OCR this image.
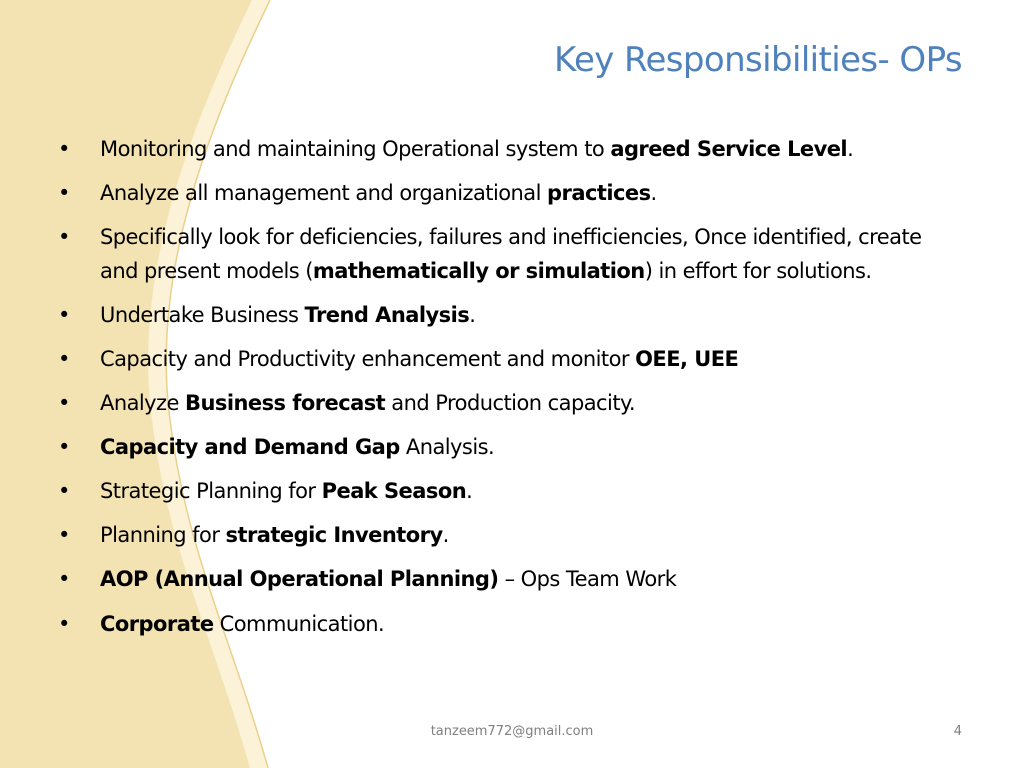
Key Responsibilities- OPs
•	Monitoring and maintaining Operational system to agreed Service Level.
•	Analyze all management and organizational practices.
•	Specifically look for deficiencies, failures and inefficiencies, Once identified, create and present models (mathematically or simulation) in effort for solutions.
•	Undertake Business Trend Analysis.
•	Capacity and Productivity enhancement and monitor OEE, UEE
•	Analyze Business forecast and Production capacity.
•	Capacity and Demand Gap Analysis.
•	Strategic Planning for Peak Season.
•	Planning for strategic Inventory.
•	AOP (Annual Operational Planning) – Ops Team Work
•	Corporate Communication.
tanzeem772@gmail.com	4
